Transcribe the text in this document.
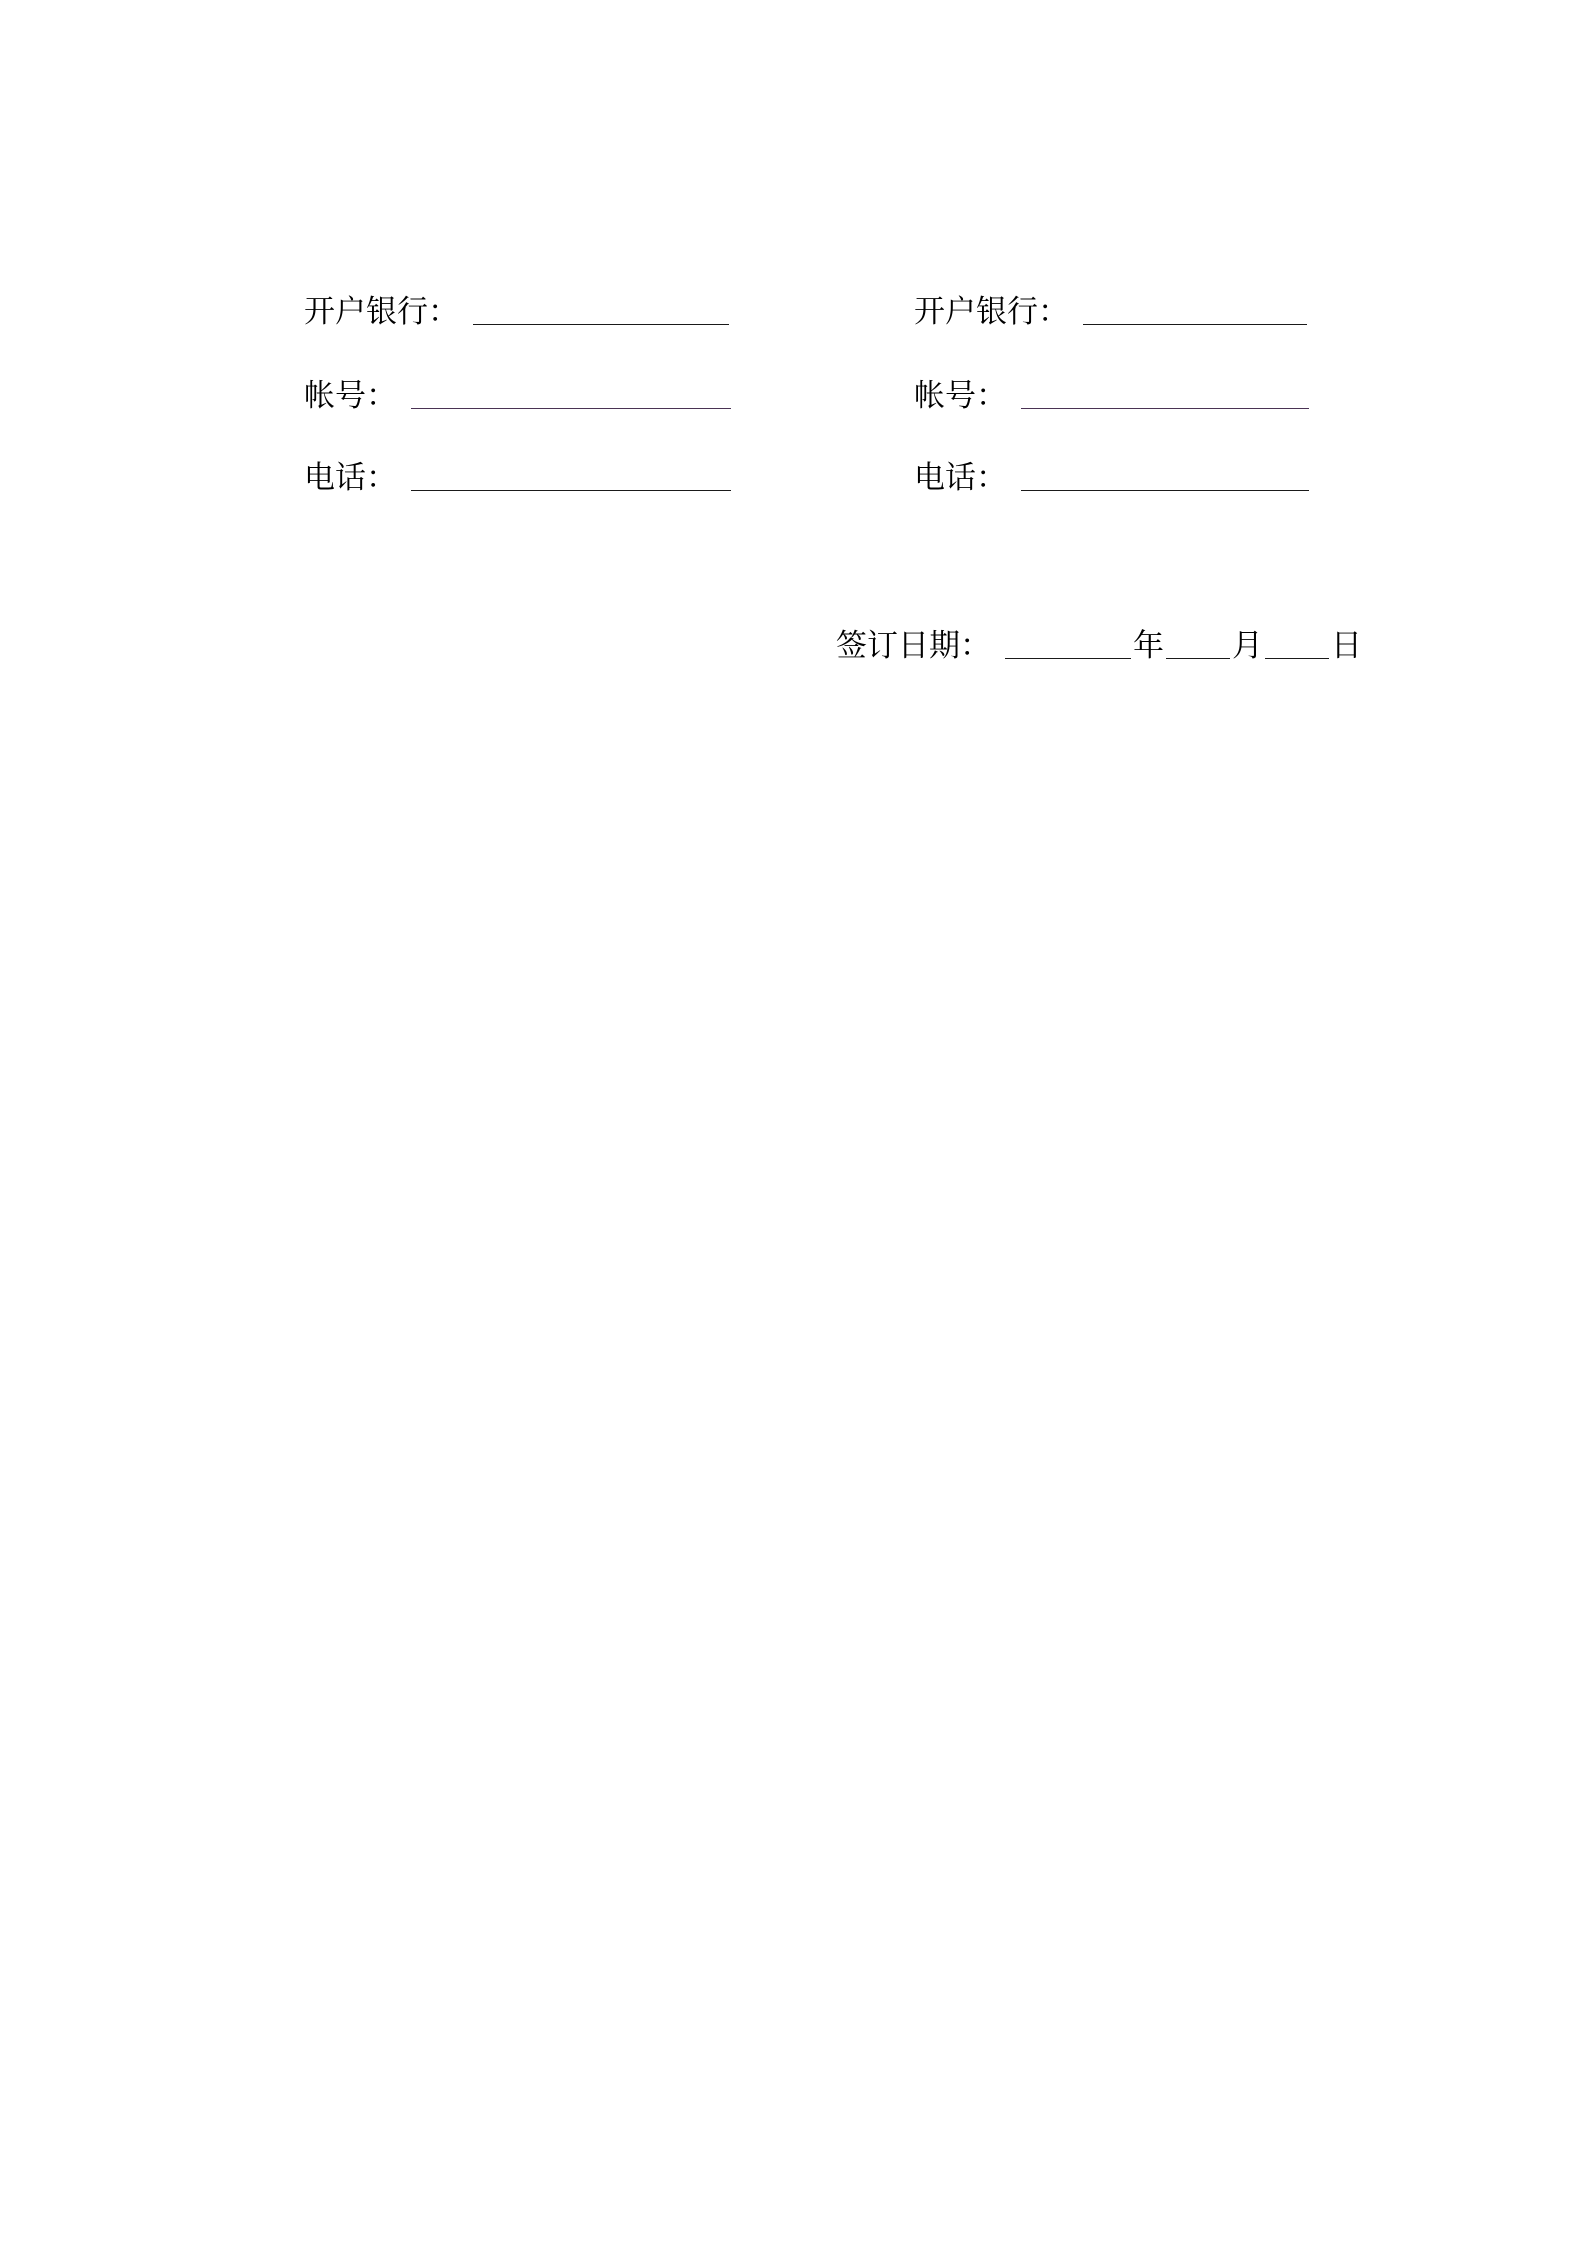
开户银行：
帐号：
电话：
开户银行：
帐号：
电话：
签订日期：	年 月 日
